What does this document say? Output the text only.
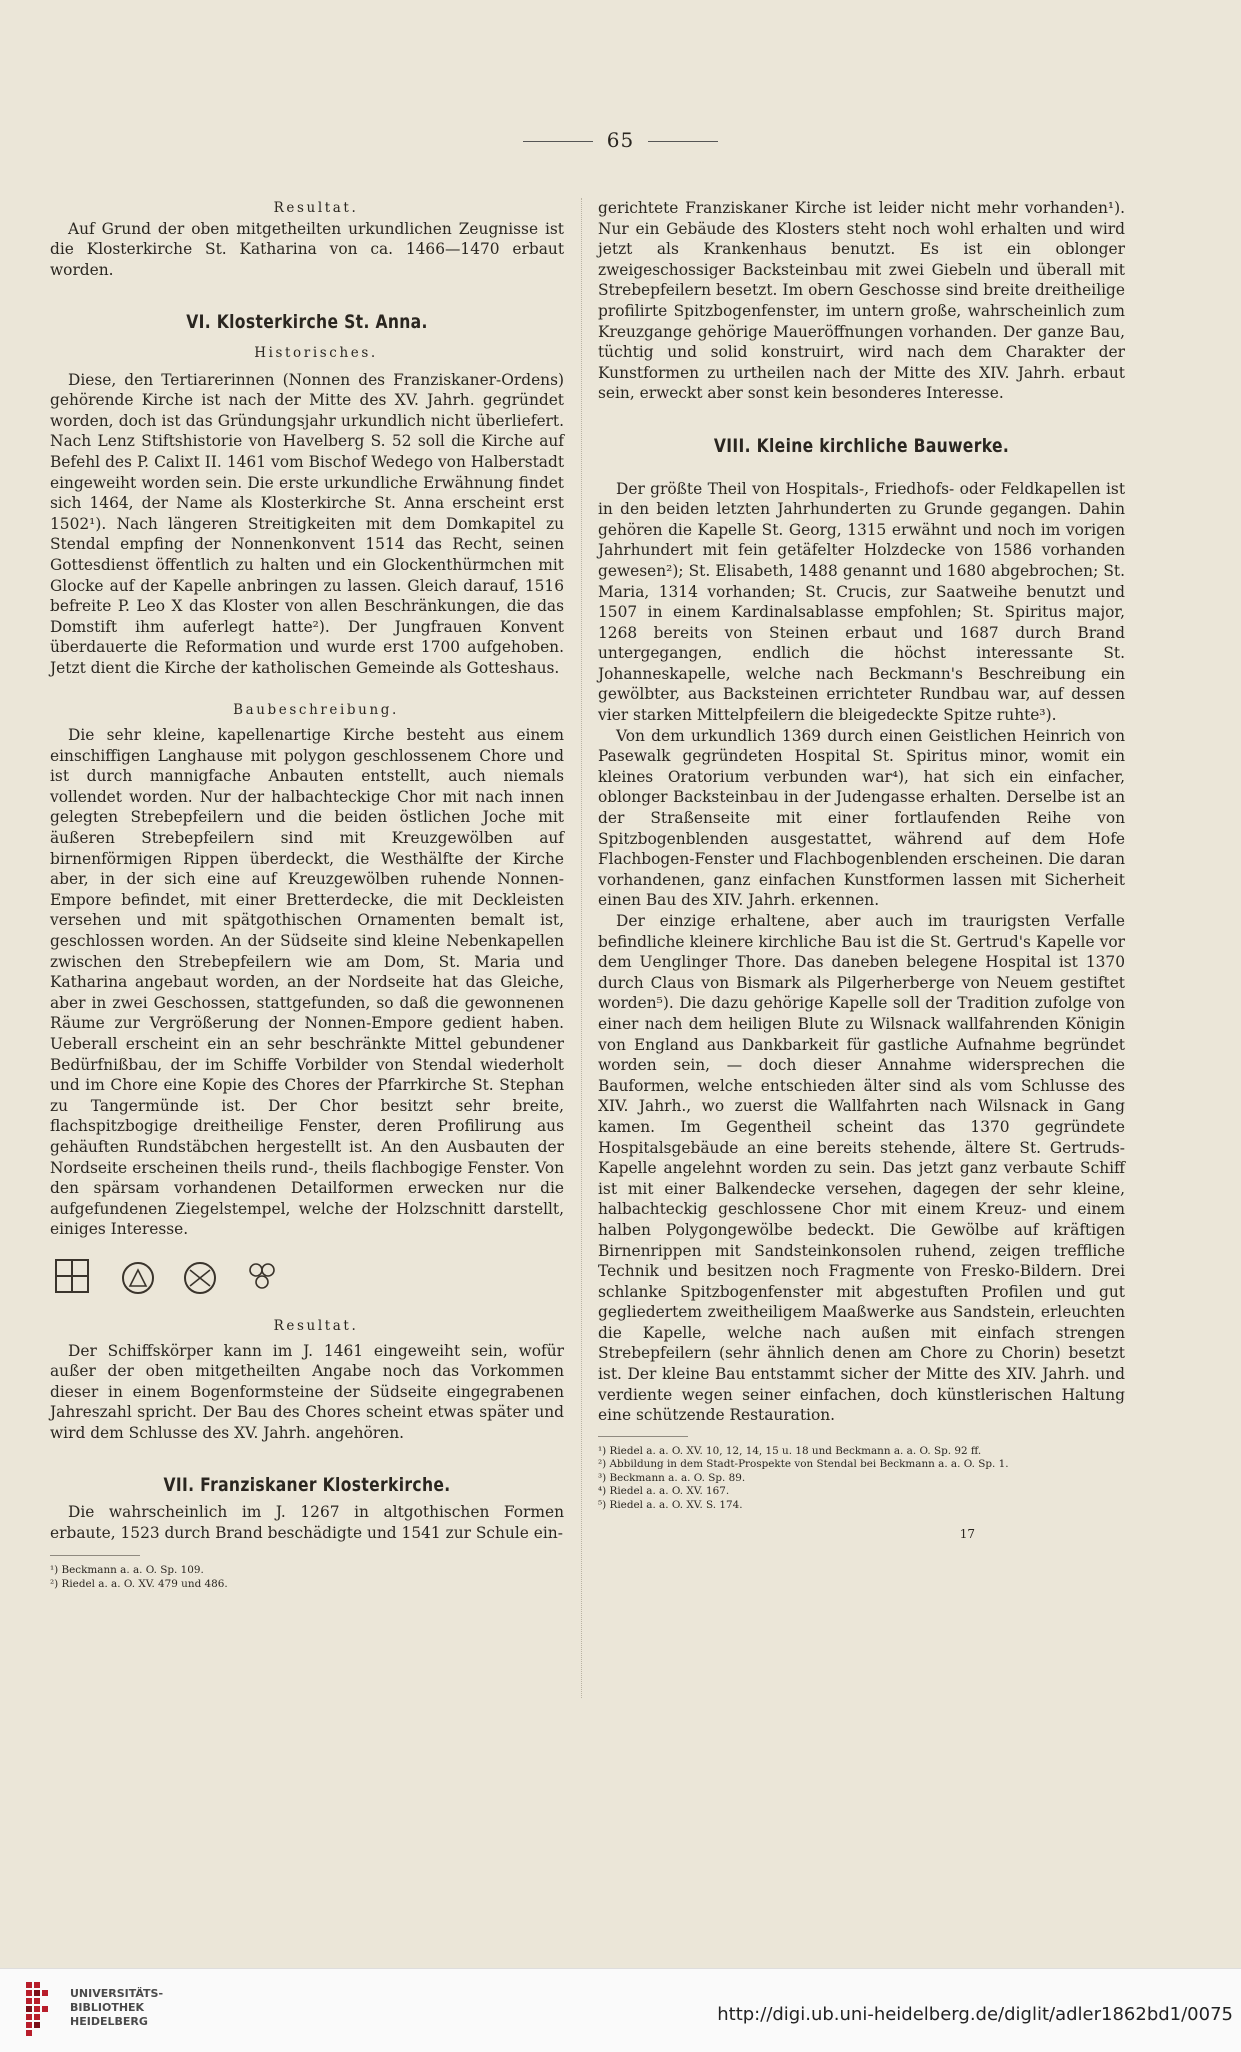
65

Resultat.

Auf Grund der oben mitgetheilten urkundlichen Zeugnisse ist die Klosterkirche St. Katharina von ca. 1466—1470 erbaut worden.

VI. Klosterkirche St. Anna.

Historisches.

Diese, den Tertiarerinnen (Nonnen des Franziskaner-Ordens) gehörende Kirche ist nach der Mitte des XV. Jahrh. gegründet worden, doch ist das Gründungsjahr urkundlich nicht überliefert. Nach Lenz Stiftshistorie von Havelberg S. 52 soll die Kirche auf Befehl des P. Calixt II. 1461 vom Bischof Wedego von Halberstadt eingeweiht worden sein. Die erste urkundliche Erwähnung findet sich 1464, der Name als Klosterkirche St. Anna erscheint erst 1502¹). Nach längeren Streitigkeiten mit dem Domkapitel zu Stendal empfing der Nonnenkonvent 1514 das Recht, seinen Gottesdienst öffentlich zu halten und ein Glockenthürmchen mit Glocke auf der Kapelle anbringen zu lassen. Gleich darauf, 1516 befreite P. Leo X das Kloster von allen Beschränkungen, die das Domstift ihm auferlegt hatte²). Der Jungfrauen Konvent überdauerte die Reformation und wurde erst 1700 aufgehoben. Jetzt dient die Kirche der katholischen Gemeinde als Gotteshaus.

Baubeschreibung.

Die sehr kleine, kapellenartige Kirche besteht aus einem einschiffigen Langhause mit polygon geschlossenem Chore und ist durch mannigfache Anbauten entstellt, auch niemals vollendet worden. Nur der halbachteckige Chor mit nach innen gelegten Strebepfeilern und die beiden östlichen Joche mit äußeren Strebepfeilern sind mit Kreuzgewölben auf birnenförmigen Rippen überdeckt, die Westhälfte der Kirche aber, in der sich eine auf Kreuzgewölben ruhende Nonnen-Empore befindet, mit einer Bretterdecke, die mit Deckleisten versehen und mit spätgothischen Ornamenten bemalt ist, geschlossen worden. An der Südseite sind kleine Nebenkapellen zwischen den Strebepfeilern wie am Dom, St. Maria und Katharina angebaut worden, an der Nordseite hat das Gleiche, aber in zwei Geschossen, stattgefunden, so daß die gewonnenen Räume zur Vergrößerung der Nonnen-Empore gedient haben. Ueberall erscheint ein an sehr beschränkte Mittel gebundener Bedürfnißbau, der im Schiffe Vorbilder von Stendal wiederholt und im Chore eine Kopie des Chores der Pfarrkirche St. Stephan zu Tangermünde ist. Der Chor besitzt sehr breite, flachspitzbogige dreitheilige Fenster, deren Profilirung aus gehäuften Rundstäbchen hergestellt ist. An den Ausbauten der Nordseite erscheinen theils rund-, theils flachbogige Fenster. Von den spärsam vorhandenen Detailformen erwecken nur die aufgefundenen Ziegelstempel, welche der Holzschnitt darstellt, einiges Interesse.

Resultat.

Der Schiffskörper kann im J. 1461 eingeweiht sein, wofür außer der oben mitgetheilten Angabe noch das Vorkommen dieser in einem Bogenformsteine der Südseite eingegrabenen Jahreszahl spricht. Der Bau des Chores scheint etwas später und wird dem Schlusse des XV. Jahrh. angehören.

VII. Franziskaner Klosterkirche.

Die wahrscheinlich im J. 1267 in altgothischen Formen erbaute, 1523 durch Brand beschädigte und 1541 zur Schule ein-

¹) Beckmann a. a. O. Sp. 109.
²) Riedel a. a. O. XV. 479 und 486.

gerichtete Franziskaner Kirche ist leider nicht mehr vorhanden¹). Nur ein Gebäude des Klosters steht noch wohl erhalten und wird jetzt als Krankenhaus benutzt. Es ist ein oblonger zweigeschossiger Backsteinbau mit zwei Giebeln und überall mit Strebepfeilern besetzt. Im obern Geschosse sind breite dreitheilige profilirte Spitzbogenfenster, im untern große, wahrscheinlich zum Kreuzgange gehörige Maueröffnungen vorhanden. Der ganze Bau, tüchtig und solid konstruirt, wird nach dem Charakter der Kunstformen zu urtheilen nach der Mitte des XIV. Jahrh. erbaut sein, erweckt aber sonst kein besonderes Interesse.

VIII. Kleine kirchliche Bauwerke.

Der größte Theil von Hospitals-, Friedhofs- oder Feldkapellen ist in den beiden letzten Jahrhunderten zu Grunde gegangen. Dahin gehören die Kapelle St. Georg, 1315 erwähnt und noch im vorigen Jahrhundert mit fein getäfelter Holzdecke von 1586 vorhanden gewesen²); St. Elisabeth, 1488 genannt und 1680 abgebrochen; St. Maria, 1314 vorhanden; St. Crucis, zur Saatweihe benutzt und 1507 in einem Kardinalsablasse empfohlen; St. Spiritus major, 1268 bereits von Steinen erbaut und 1687 durch Brand untergegangen, endlich die höchst interessante St. Johanneskapelle, welche nach Beckmann's Beschreibung ein gewölbter, aus Backsteinen errichteter Rundbau war, auf dessen vier starken Mittelpfeilern die bleigedeckte Spitze ruhte³).

Von dem urkundlich 1369 durch einen Geistlichen Heinrich von Pasewalk gegründeten Hospital St. Spiritus minor, womit ein kleines Oratorium verbunden war⁴), hat sich ein einfacher, oblonger Backsteinbau in der Judengasse erhalten. Derselbe ist an der Straßenseite mit einer fortlaufenden Reihe von Spitzbogenblenden ausgestattet, während auf dem Hofe Flachbogen-Fenster und Flachbogenblenden erscheinen. Die daran vorhandenen, ganz einfachen Kunstformen lassen mit Sicherheit einen Bau des XIV. Jahrh. erkennen.

Der einzige erhaltene, aber auch im traurigsten Verfalle befindliche kleinere kirchliche Bau ist die St. Gertrud's Kapelle vor dem Uenglinger Thore. Das daneben belegene Hospital ist 1370 durch Claus von Bismark als Pilgerherberge von Neuem gestiftet worden⁵). Die dazu gehörige Kapelle soll der Tradition zufolge von einer nach dem heiligen Blute zu Wilsnack wallfahrenden Königin von England aus Dankbarkeit für gastliche Aufnahme begründet worden sein, — doch dieser Annahme widersprechen die Bauformen, welche entschieden älter sind als vom Schlusse des XIV. Jahrh., wo zuerst die Wallfahrten nach Wilsnack in Gang kamen. Im Gegentheil scheint das 1370 gegründete Hospitalsgebäude an eine bereits stehende, ältere St. Gertruds-Kapelle angelehnt worden zu sein. Das jetzt ganz verbaute Schiff ist mit einer Balkendecke versehen, dagegen der sehr kleine, halbachteckig geschlossene Chor mit einem Kreuz- und einem halben Polygongewölbe bedeckt. Die Gewölbe auf kräftigen Birnenrippen mit Sandsteinkonsolen ruhend, zeigen treffliche Technik und besitzen noch Fragmente von Fresko-Bildern. Drei schlanke Spitzbogenfenster mit abgestuften Profilen und gut gegliedertem zweitheiligem Maaßwerke aus Sandstein, erleuchten die Kapelle, welche nach außen mit einfach strengen Strebepfeilern (sehr ähnlich denen am Chore zu Chorin) besetzt ist. Der kleine Bau entstammt sicher der Mitte des XIV. Jahrh. und verdiente wegen seiner einfachen, doch künstlerischen Haltung eine schützende Restauration.

¹) Riedel a. a. O. XV. 10, 12, 14, 15 u. 18 und Beckmann a. a. O. Sp. 92 ff.
²) Abbildung in dem Stadt-Prospekte von Stendal bei Beckmann a. a. O. Sp. 1.
³) Beckmann a. a. O. Sp. 89.
⁴) Riedel a. a. O. XV. 167.
⁵) Riedel a. a. O. XV. S. 174.
17
UNIVERSITÄTS-
BIBLIOTHEK
HEIDELBERG	http://digi.ub.uni-heidelberg.de/diglit/adler1862bd1/0075
